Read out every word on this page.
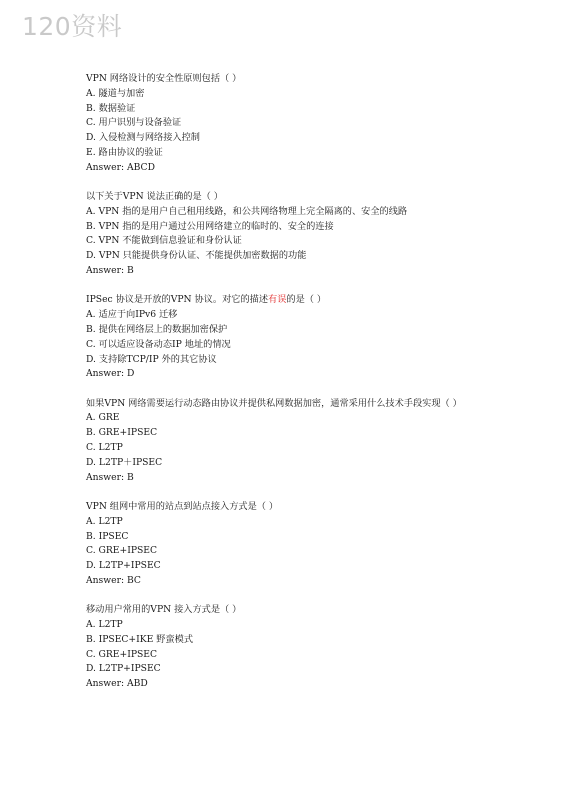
120资料
VPN 网络设计的安全性原则包括（ ）
A. 隧道与加密
B. 数据验证
C. 用户识别与设备验证
D. 入侵检测与网络接入控制
E. 路由协议的验证
Answer: ABCD
以下关于VPN 说法正确的是（ ）
A. VPN 指的是用户自己租用线路，和公共网络物理上完全隔离的、安全的线路
B. VPN 指的是用户通过公用网络建立的临时的、安全的连接
C. VPN 不能做到信息验证和身份认证
D. VPN 只能提供身份认证、不能提供加密数据的功能
Answer: B
IPSec 协议是开放的VPN 协议。对它的描述有误的是（ ）
A. 适应于向IPv6 迁移
B. 提供在网络层上的数据加密保护
C. 可以适应设备动态IP 地址的情况
D. 支持除TCP/IP 外的其它协议
Answer: D
如果VPN 网络需要运行动态路由协议并提供私网数据加密，通常采用什么技术手段实现（ ）
A. GRE
B. GRE+IPSEC
C. L2TP
D. L2TP＋IPSEC
Answer: B
VPN 组网中常用的站点到站点接入方式是（ ）
A. L2TP
B. IPSEC
C. GRE+IPSEC
D. L2TP+IPSEC
Answer: BC
移动用户常用的VPN 接入方式是（ ）
A. L2TP
B. IPSEC+IKE 野蛮模式
C. GRE+IPSEC
D. L2TP+IPSEC
Answer: ABD
